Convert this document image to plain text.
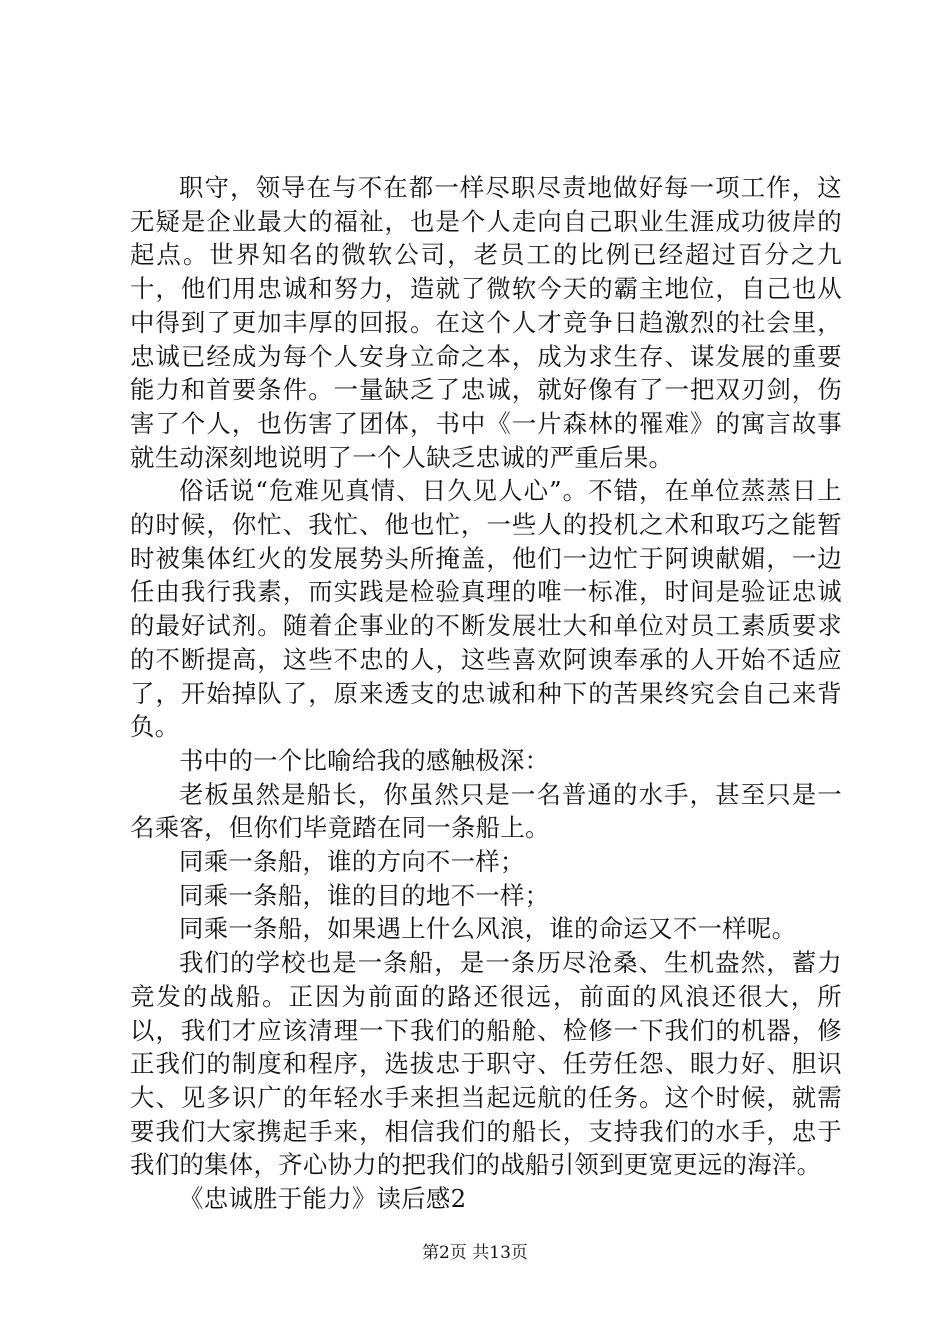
职守，领导在与不在都一样尽职尽责地做好每一项工作，这无疑是企业最大的福祉，也是个人走向自己职业生涯成功彼岸的起点。世界知名的微软公司，老员工的比例已经超过百分之九十，他们用忠诚和努力，造就了微软今天的霸主地位，自己也从中得到了更加丰厚的回报。在这个人才竞争日趋激烈的社会里，忠诚已经成为每个人安身立命之本，成为求生存、谋发展的重要能力和首要条件。一量缺乏了忠诚，就好像有了一把双刃剑，伤害了个人，也伤害了团体，书中《一片森林的罹难》的寓言故事就生动深刻地说明了一个人缺乏忠诚的严重后果。

俗话说“危难见真情、日久见人心”。不错，在单位蒸蒸日上的时候，你忙、我忙、他也忙，一些人的投机之术和取巧之能暂时被集体红火的发展势头所掩盖，他们一边忙于阿谀献媚，一边任由我行我素，而实践是检验真理的唯一标准，时间是验证忠诚的最好试剂。随着企事业的不断发展壮大和单位对员工素质要求的不断提高，这些不忠的人，这些喜欢阿谀奉承的人开始不适应了，开始掉队了，原来透支的忠诚和种下的苦果终究会自己来背负。

书中的一个比喻给我的感触极深：

老板虽然是船长，你虽然只是一名普通的水手，甚至只是一名乘客，但你们毕竟踏在同一条船上。

同乘一条船，谁的方向不一样；

同乘一条船，谁的目的地不一样；

同乘一条船，如果遇上什么风浪，谁的命运又不一样呢。

我们的学校也是一条船，是一条历尽沧桑、生机盎然，蓄力竞发的战船。正因为前面的路还很远，前面的风浪还很大，所以，我们才应该清理一下我们的船舱、检修一下我们的机器，修正我们的制度和程序，选拔忠于职守、任劳任怨、眼力好、胆识大、见多识广的年轻水手来担当起远航的任务。这个时候，就需要我们大家携起手来，相信我们的船长，支持我们的水手，忠于我们的集体，齐心协力的把我们的战船引领到更宽更远的海洋。

《忠诚胜于能力》读后感2

第2页 共13页
